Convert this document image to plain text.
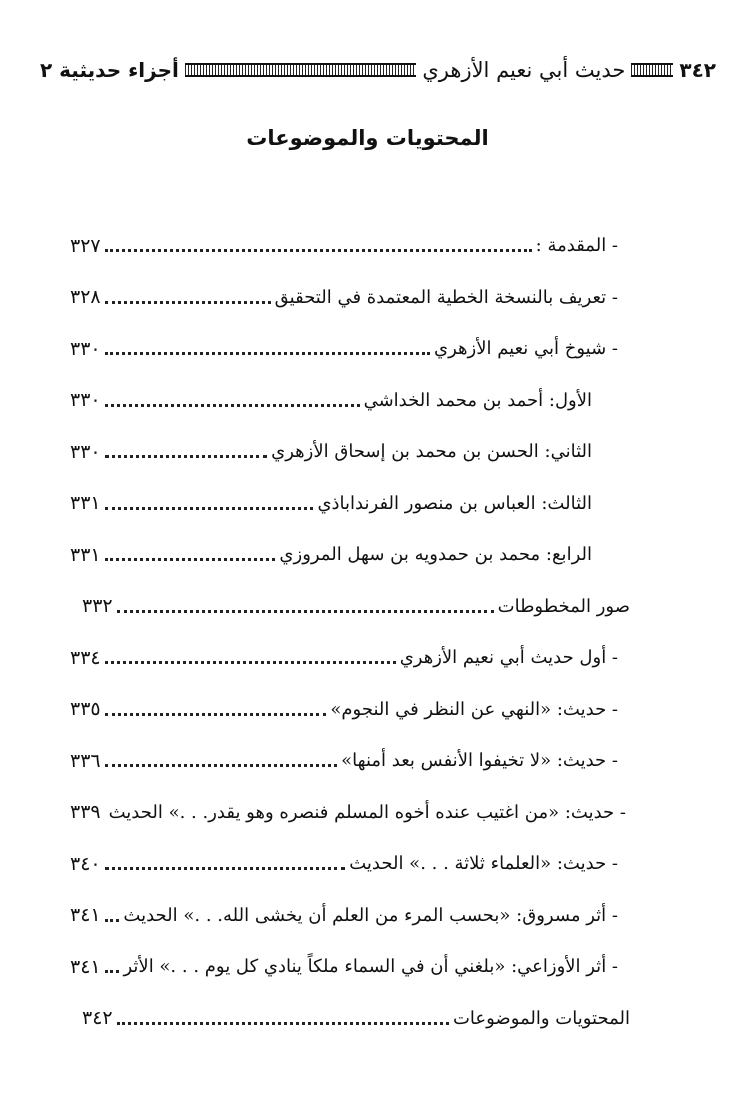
٣٤٢
حديث أبي نعيم الأزهري
أجزاء حديثية ٢
المحتويات والموضوعات
٣٢٧	- المقدمة :
٣٢٨	- تعريف بالنسخة الخطية المعتمدة في التحقيق
٣٣٠	- شيوخ أبي نعيم الأزهري
٣٣٠	الأول: أحمد بن محمد الخداشي
٣٣٠	الثاني: الحسن بن محمد بن إسحاق الأزهري
٣٣١	الثالث: العباس بن منصور الفرنداباذي
٣٣١	الرابع: محمد بن حمدويه بن سهل المروزي
٣٣٢	صور المخطوطات
٣٣٤	- أول حديث أبي نعيم الأزهري
٣٣٥	- حديث: «النهي عن النظر في النجوم»
٣٣٦	- حديث: «لا تخيفوا الأنفس بعد أمنها»
٣٣٩ - حديث: «من اغتيب عنده أخوه المسلم فنصره وهو يقدر. . .» الحديث
٣٤٠	- حديث: «العلماء ثلاثة . . .» الحديث
٣٤١ - أثر مسروق: «بحسب المرء من العلم أن يخشى الله. . .» الحديث
٣٤١ - أثر الأوزاعي: «بلغني أن في السماء ملكاً ينادي كل يوم . . .» الأثر
٣٤٢	المحتويات والموضوعات
